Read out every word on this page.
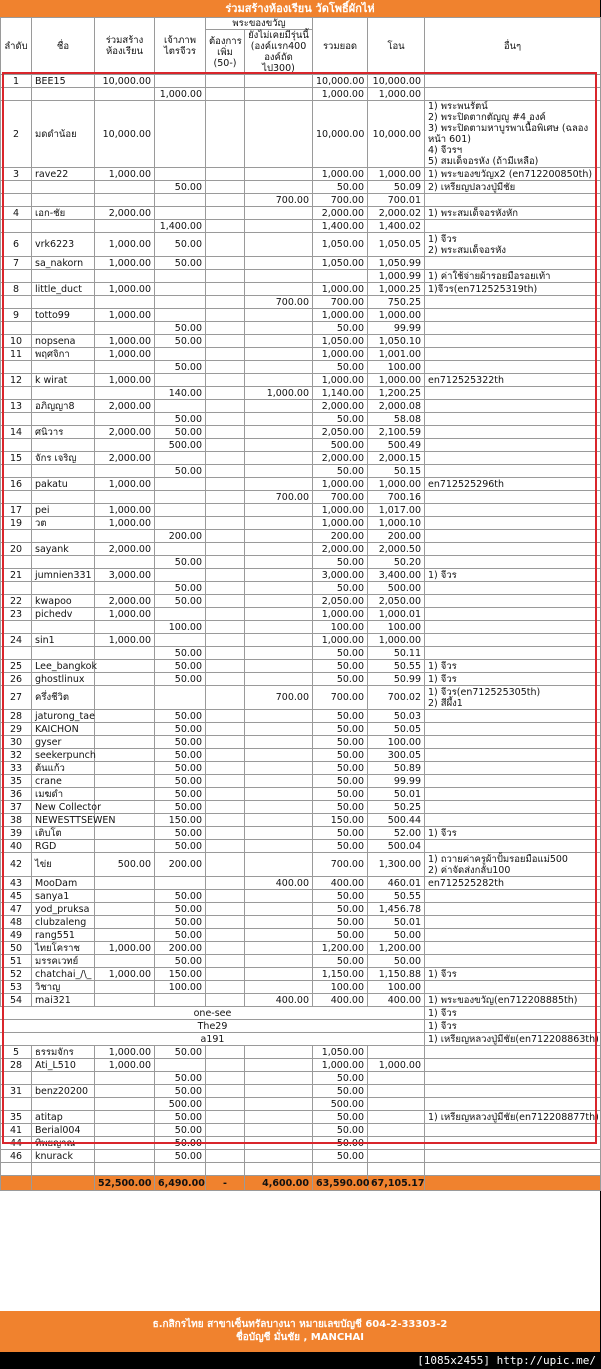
ร่วมสร้างห้องเรียน วัดโพธิ์ผักไห่
ลำดับ	ชื่อ	ร่วมสร้างห้องเรียน	เจ้าภาพไตรจีวร	พระของขวัญ		รวมยอด	โอน	อื่นๆ
				ต้องการเพิ่ม (50-)	ยังไม่เคยมีรุ่นนี้ (องค์แรก400 องค์ถัดไป300)			
1	BEE15	10,000.00				10,000.00	10,000.00	
			1,000.00			1,000.00	1,000.00	
2	มดดำน้อย	10,000.00				10,000.00	10,000.00	1) พระพนรัตน์
2) พระปิดตากตัญญู #4 องค์
3) พระปิดตามหาบูรพาเนื้อพิเศษ (ฉลองหน้า 601)
4) จีวรฯ
5) สมเด็จอรหัง (ถ้ามีเหลือ)
3	rave22	1,000.00				1,000.00	1,000.00	1) พระของขวัญx2 (en712200850th)
			50.00			50.00	50.09	2) เหรียญปลวงปู่มีชัย
					700.00	700.00	700.01	
4	เอก-ชัย	2,000.00				2,000.00	2,000.02	1) พระสมเด็จอรหังหัก
			1,400.00			1,400.00	1,400.02	
6	vrk6223	1,000.00	50.00			1,050.00	1,050.05	1) จีวร
2) พระสมเด็จอรหัง
7	sa_nakorn	1,000.00	50.00			1,050.00	1,050.99	
							1,000.99	1) ค่าใช้จ่ายผ้ารอยมือรอยเท้า
8	little_duct	1,000.00				1,000.00	1,000.25	1)จีวร(en712525319th)
					700.00	700.00	750.25	
9	totto99	1,000.00				1,000.00	1,000.00	
			50.00			50.00	99.99	
10	nopsena	1,000.00	50.00			1,050.00	1,050.10	
11	พฤศจิกา	1,000.00				1,000.00	1,001.00	
			50.00			50.00	100.00	
12	k wirat	1,000.00				1,000.00	1,000.00	en712525322th
			140.00		1,000.00	1,140.00	1,200.25	
13	อภิญญา8	2,000.00				2,000.00	2,000.08	
			50.00			50.00	58.08	
14	ศนิวาร	2,000.00	50.00			2,050.00	2,100.59	
			500.00			500.00	500.49	
15	จักร เจริญ	2,000.00				2,000.00	2,000.15	
			50.00			50.00	50.15	
16	pakatu	1,000.00				1,000.00	1,000.00	en712525296th
					700.00	700.00	700.16	
17	pei	1,000.00				1,000.00	1,017.00	
19	วต	1,000.00				1,000.00	1,000.10	
			200.00			200.00	200.00	
20	sayank	2,000.00				2,000.00	2,000.50	
			50.00			50.00	50.20	
21	jumnien331	3,000.00				3,000.00	3,400.00	1) จีวร
			50.00			50.00	500.00	
22	kwapoo	2,000.00	50.00			2,050.00	2,050.00	
23	pichedv	1,000.00				1,000.00	1,000.01	
			100.00			100.00	100.00	
24	sin1	1,000.00				1,000.00	1,000.00	
			50.00			50.00	50.11	
25	Lee_bangkok		50.00			50.00	50.55	1) จีวร
26	ghostlinux		50.00			50.00	50.99	1) จีวร
27	ครึ่งชีวิต				700.00	700.00	700.02	1) จีวร(en712525305th)
2) สีผึ้ง1
28	jaturong_tae		50.00			50.00	50.03	
29	KAICHON		50.00			50.00	50.05	
30	gyser		50.00			50.00	100.00	
32	seekerpunch		50.00			50.00	300.05	
33	ต้นแก้ว		50.00			50.00	50.89	
35	crane		50.00			50.00	99.99	
36	เมฆดำ		50.00			50.00	50.01	
37	New Collector		50.00			50.00	50.25	
38	NEWESTTSEWEN		150.00			150.00	500.44	
39	เติบโต		50.00			50.00	52.00	1) จีวร
40	RGD		50.00			50.00	500.04	
42	ไข่ย	500.00	200.00			700.00	1,300.00	1) ถวายค่าครูผ้าปั้มรอยมือแม่500
2) ค่าจัดส่งกลับ100
43	MooDam				400.00	400.00	460.01	en712525282th
45	sanya1		50.00			50.00	50.55	
47	yod_pruksa		50.00			50.00	1,456.78	
48	clubzaleng		50.00			50.00	50.01	
49	rang551		50.00			50.00	50.00	
50	ไทยโคราช	1,000.00	200.00			1,200.00	1,200.00	
51	มรรคเวทย์		50.00			50.00	50.00	
52	chatchai_/\_	1,000.00	150.00			1,150.00	1,150.88	1) จีวร
53	วิชาญ		100.00			100.00	100.00	
54	mai321				400.00	400.00	400.00	1) พระของขวัญ(en712208885th)
one-see								1) จีวร
The29								1) จีวร
a191								1) เหรียญหลวงปู่มีชัย(en712208863th)
5	ธรรมจักร	1,000.00	50.00			1,050.00		
28	Ati_L510	1,000.00				1,000.00	1,000.00	
			50.00			50.00		
31	benz20200		50.00			50.00		
			500.00			500.00		
35	atitap		50.00			50.00		1) เหรียญหลวงปู่มีชัย(en712208877th)
41	Berial004		50.00			50.00		
44	ทิพยญาณ		50.00			50.00		
46	knurack		50.00			50.00		

		52,500.00	6,490.00	-	4,600.00	63,590.00	67,105.17	
ธ.กสิกรไทย สาขาเซ็นทรัลบางนา หมายเลขบัญชี 604-2-33303-2
ชื่อบัญชี มั่นชัย , MANCHAI
[1085x2455] http://upic.me/
